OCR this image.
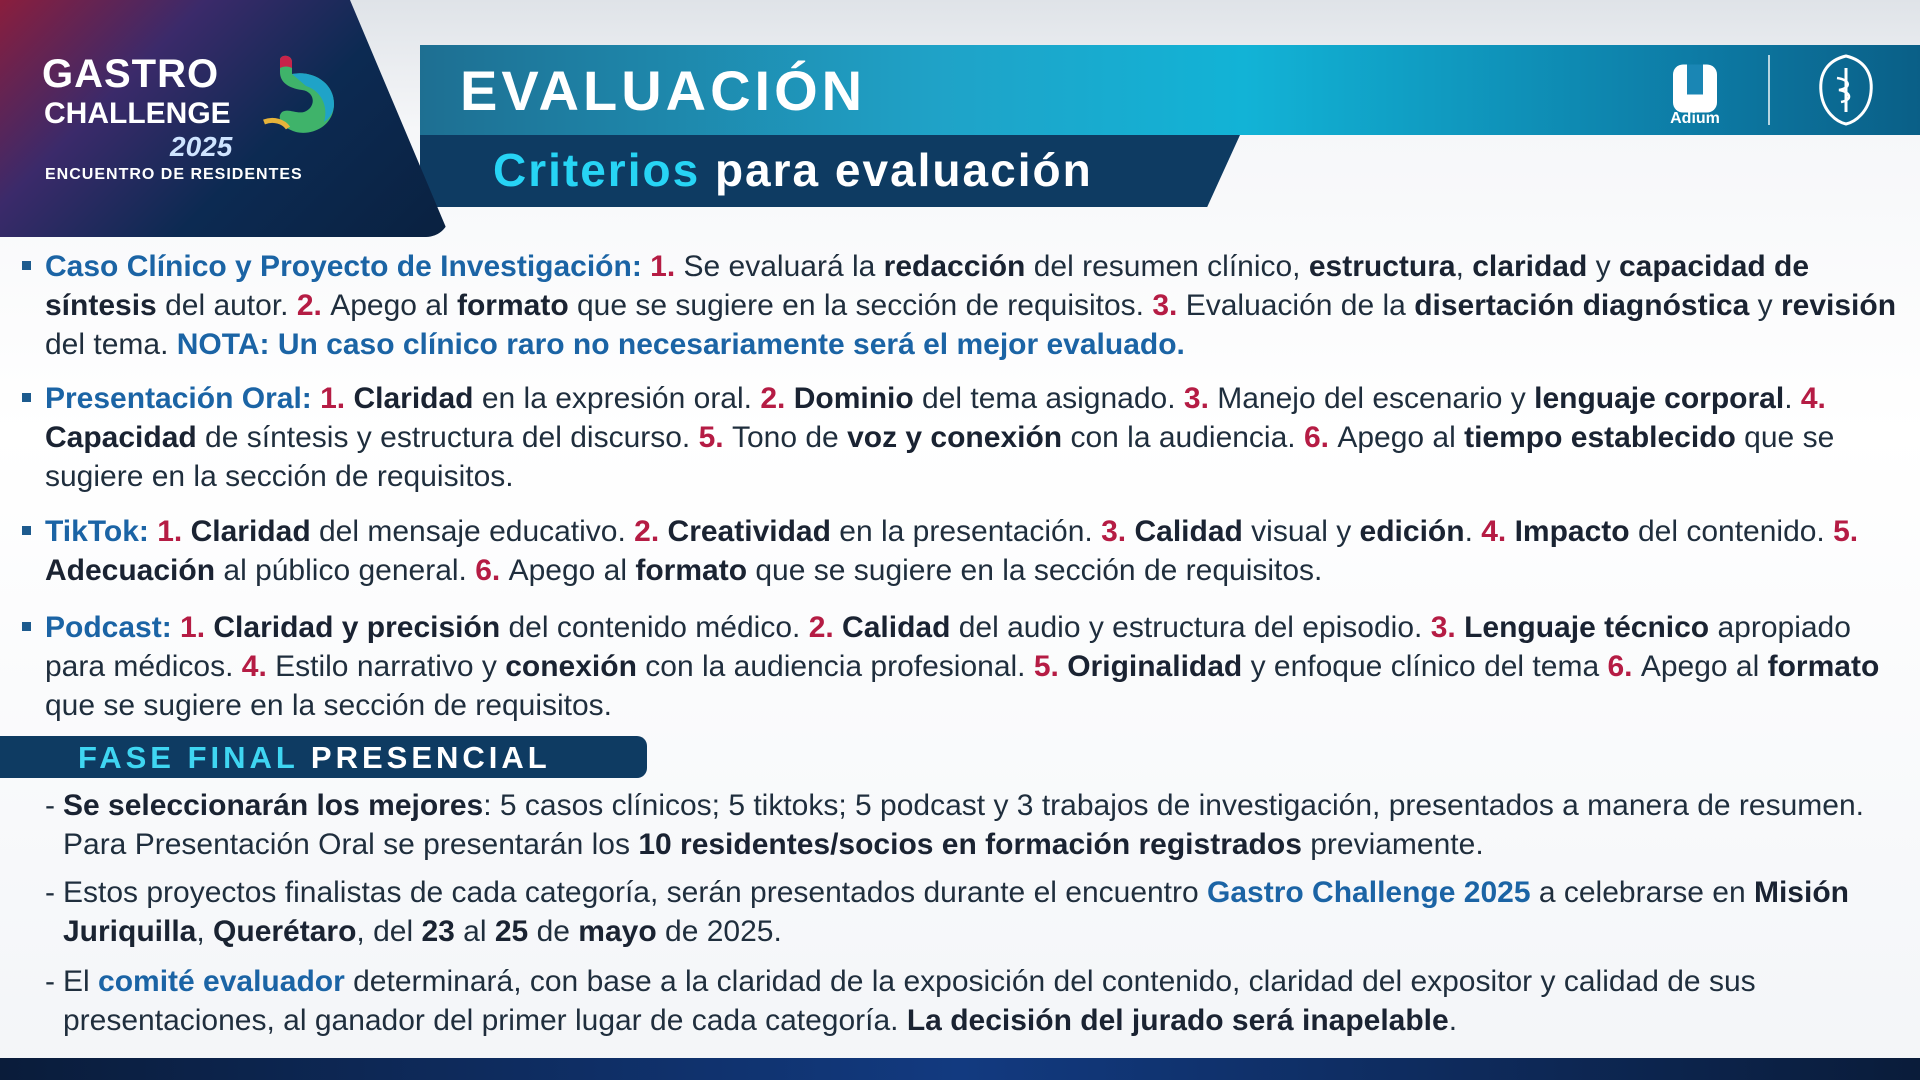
EVALUACIÓN
Criterios para evaluación
GASTRO
CHALLENGE
2025
ENCUENTRO DE RESIDENTES
Adium
Caso Clínico y Proyecto de Investigación: 1. Se evaluará la redacción del resumen clínico, estructura, claridad y capacidad de síntesis del autor. 2. Apego al formato que se sugiere en la sección de requisitos. 3. Evaluación de la disertación diagnóstica y revisión del tema. NOTA: Un caso clínico raro no necesariamente será el mejor evaluado.
Presentación Oral: 1. Claridad en la expresión oral. 2. Dominio del tema asignado. 3. Manejo del escenario y lenguaje corporal. 4. Capacidad de síntesis y estructura del discurso. 5. Tono de voz y conexión con la audiencia. 6. Apego al tiempo establecido que se sugiere en la sección de requisitos.
TikTok: 1. Claridad del mensaje educativo. 2. Creatividad en la presentación. 3. Calidad visual y edición. 4. Impacto del contenido. 5. Adecuación al público general. 6. Apego al formato que se sugiere en la sección de requisitos.
Podcast: 1. Claridad y precisión del contenido médico. 2. Calidad del audio y estructura del episodio. 3. Lenguaje técnico apropiado para médicos. 4. Estilo narrativo y conexión con la audiencia profesional. 5. Originalidad y enfoque clínico del tema 6. Apego al formato que se sugiere en la sección de requisitos.
FASE FINAL PRESENCIAL
- Se seleccionarán los mejores: 5 casos clínicos; 5 tiktoks; 5 podcast y 3 trabajos de investigación, presentados a manera de resumen. Para Presentación Oral se presentarán los 10 residentes/socios en formación registrados previamente.
- Estos proyectos finalistas de cada categoría, serán presentados durante el encuentro Gastro Challenge 2025 a celebrarse en Misión Juriquilla, Querétaro, del 23 al 25 de mayo de 2025.
- El comité evaluador determinará, con base a la claridad de la exposición del contenido, claridad del expositor y calidad de sus presentaciones, al ganador del primer lugar de cada categoría. La decisión del jurado será inapelable.
